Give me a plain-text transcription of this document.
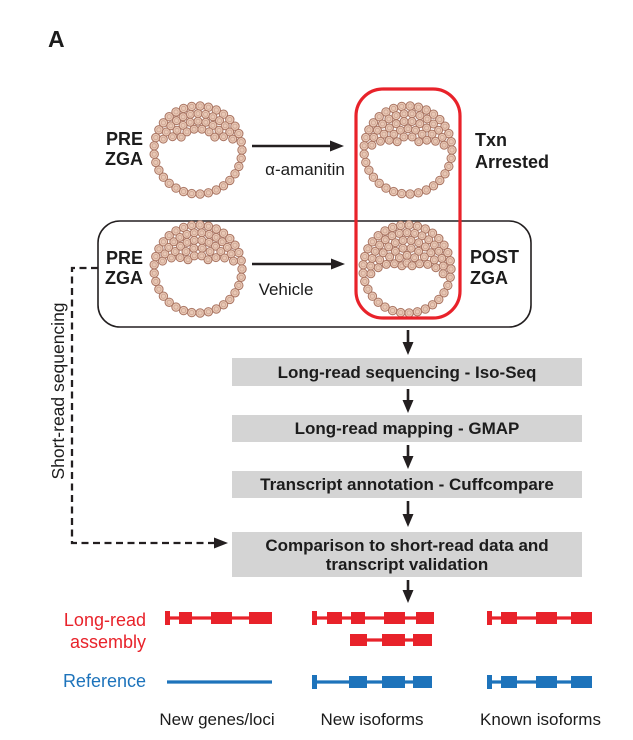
A
PRE
ZGA
Txn
Arrested
α-amanitin
PRE
ZGA
POST
ZGA
Vehicle
Short-read sequencing	Long-read sequencing - Iso-Seq
Long-read mapping - GMAP
Transcript annotation - Cuffcompare
Comparison to short-read data and
transcript validation
Long-read
assembly
Reference
New genes/loci	New isoforms	Known isoforms
